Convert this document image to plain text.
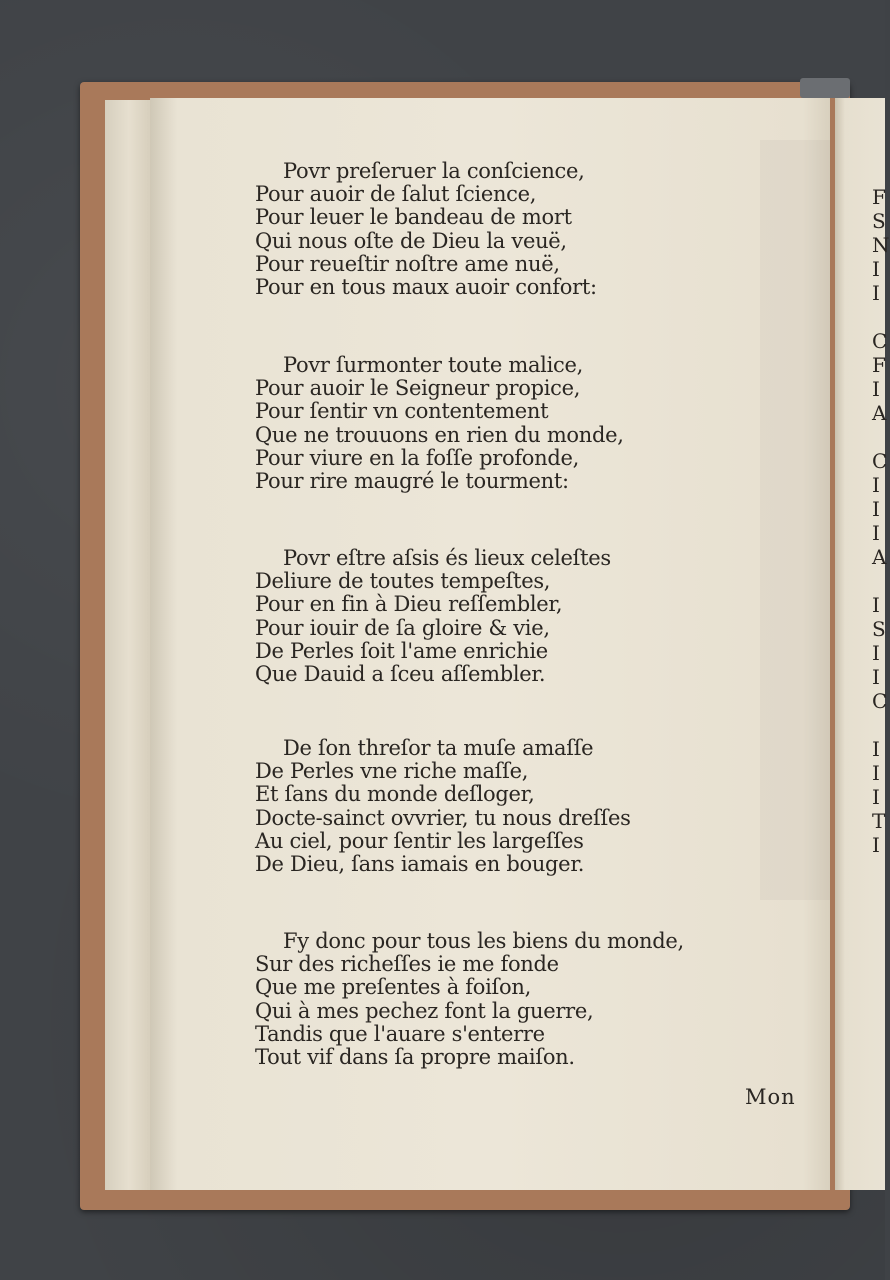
Povr preſeruer la conſcience,
Pour auoir de ſalut ſcience,
Pour leuer le bandeau de mort
Qui nous oſte de Dieu la veuë,
Pour reueſtir noſtre ame nuë,
Pour en tous maux auoir confort:
Povr ſurmonter toute malice,
Pour auoir le Seigneur propice,
Pour ſentir vn contentement
Que ne trouuons en rien du monde,
Pour viure en la foſſe profonde,
Pour rire maugré le tourment:
Povr eſtre aſsis és lieux celeſtes
Deliure de toutes tempeſtes,
Pour en fin à Dieu reſſembler,
Pour iouir de ſa gloire & vie,
De Perles ſoit l'ame enrichie
Que Dauid a ſceu aſſembler.
De ſon threſor ta muſe amaſſe
De Perles vne riche maſſe,
Et ſans du monde deſloger,
Docte-sainct ovvrier, tu nous dreſſes
Au ciel, pour ſentir les largeſſes
De Dieu, ſans iamais en bouger.
Fy donc pour tous les biens du monde,
Sur des richeſſes ie me fonde
Que me preſentes à foiſon,
Qui à mes pechez font la guerre,
Tandis que l'auare s'enterre
Tout vif dans ſa propre maiſon.
Mon
F
S
N
I
I
C
F
I
A
C
I
I
I
A
I
S
I
I
C
I
I
I
T
I
